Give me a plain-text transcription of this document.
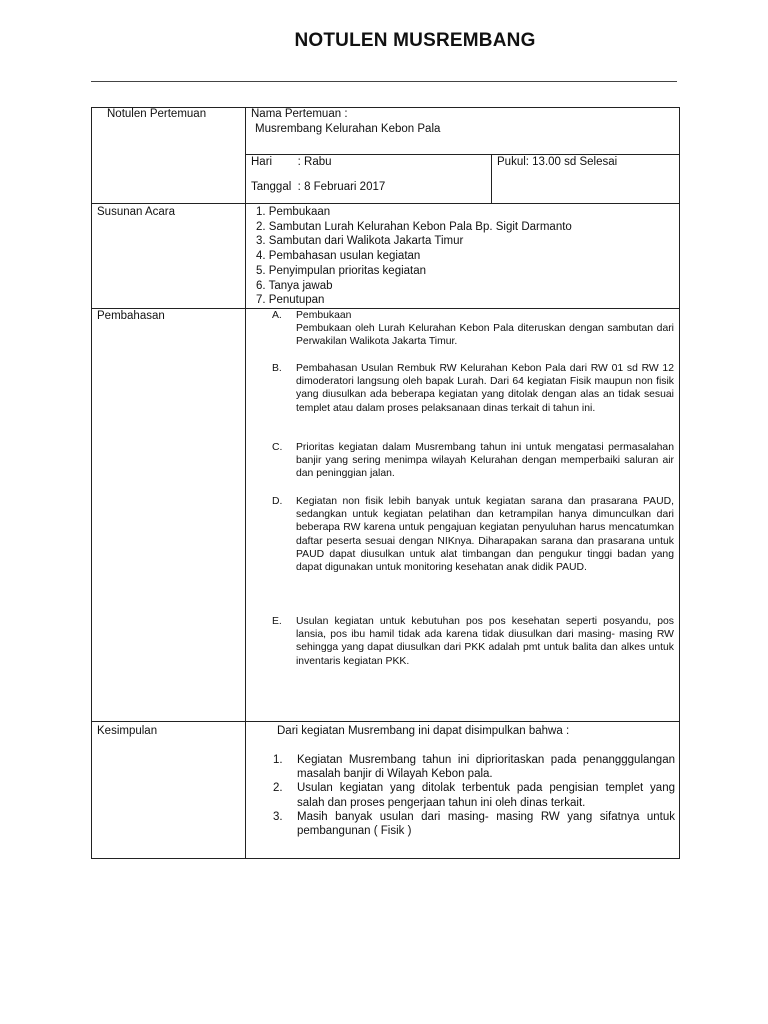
NOTULEN MUSREMBANG
Notulen Pertemuan	Nama Pertemuan :
Musrembang Kelurahan Kebon Pala
Hari        : Rabu
Tanggal  : 8 Februari 2017
Pukul: 13.00 sd Selesai
Susunan Acara	1. Pembukaan
2. Sambutan Lurah Kelurahan Kebon Pala Bp. Sigit Darmanto
3. Sambutan dari Walikota Jakarta Timur
4. Pembahasan usulan kegiatan
5. Penyimpulan prioritas kegiatan
6. Tanya jawab
7. Penutupan
Pembahasan	A.	Pembukaan
Pembukaan oleh Lurah Kelurahan Kebon Pala diteruskan dengan sambutan dari Perwakilan Walikota Jakarta Timur.
B.	Pembahasan Usulan Rembuk RW Kelurahan Kebon Pala dari RW 01 sd RW 12 dimoderatori langsung oleh bapak Lurah. Dari 64 kegiatan Fisik maupun non fisik yang diusulkan ada beberapa kegiatan yang ditolak dengan alas an tidak sesuai templet atau dalam proses pelaksanaan dinas terkait di tahun ini.
C.	Prioritas kegiatan dalam Musrembang tahun ini untuk mengatasi permasalahan banjir yang sering menimpa wilayah Kelurahan dengan memperbaiki saluran air dan peninggian jalan.
D.	Kegiatan non fisik lebih banyak untuk kegiatan sarana dan prasarana PAUD, sedangkan untuk kegiatan pelatihan dan ketrampilan hanya dimunculkan dari beberapa RW karena untuk pengajuan kegiatan penyuluhan harus mencatumkan daftar peserta sesuai dengan NIKnya. Diharapakan sarana dan prasarana untuk PAUD dapat diusulkan untuk alat timbangan dan pengukur tinggi badan yang dapat digunakan untuk monitoring kesehatan anak didik PAUD.
E.	Usulan kegiatan untuk kebutuhan pos pos kesehatan seperti posyandu, pos lansia, pos ibu hamil tidak ada karena tidak diusulkan dari masing- masing RW sehingga yang dapat diusulkan dari PKK adalah pmt untuk balita dan alkes untuk inventaris kegiatan PKK.
Kesimpulan	Dari kegiatan Musrembang ini dapat disimpulkan bahwa :
1. Kegiatan Musrembang tahun ini diprioritaskan pada penangggulangan masalah banjir di Wilayah Kebon pala.
2. Usulan kegiatan yang ditolak terbentuk pada pengisian templet yang salah dan proses pengerjaan tahun ini oleh dinas terkait.
3. Masih banyak usulan dari masing- masing RW yang sifatnya untuk pembangunan ( Fisik )
